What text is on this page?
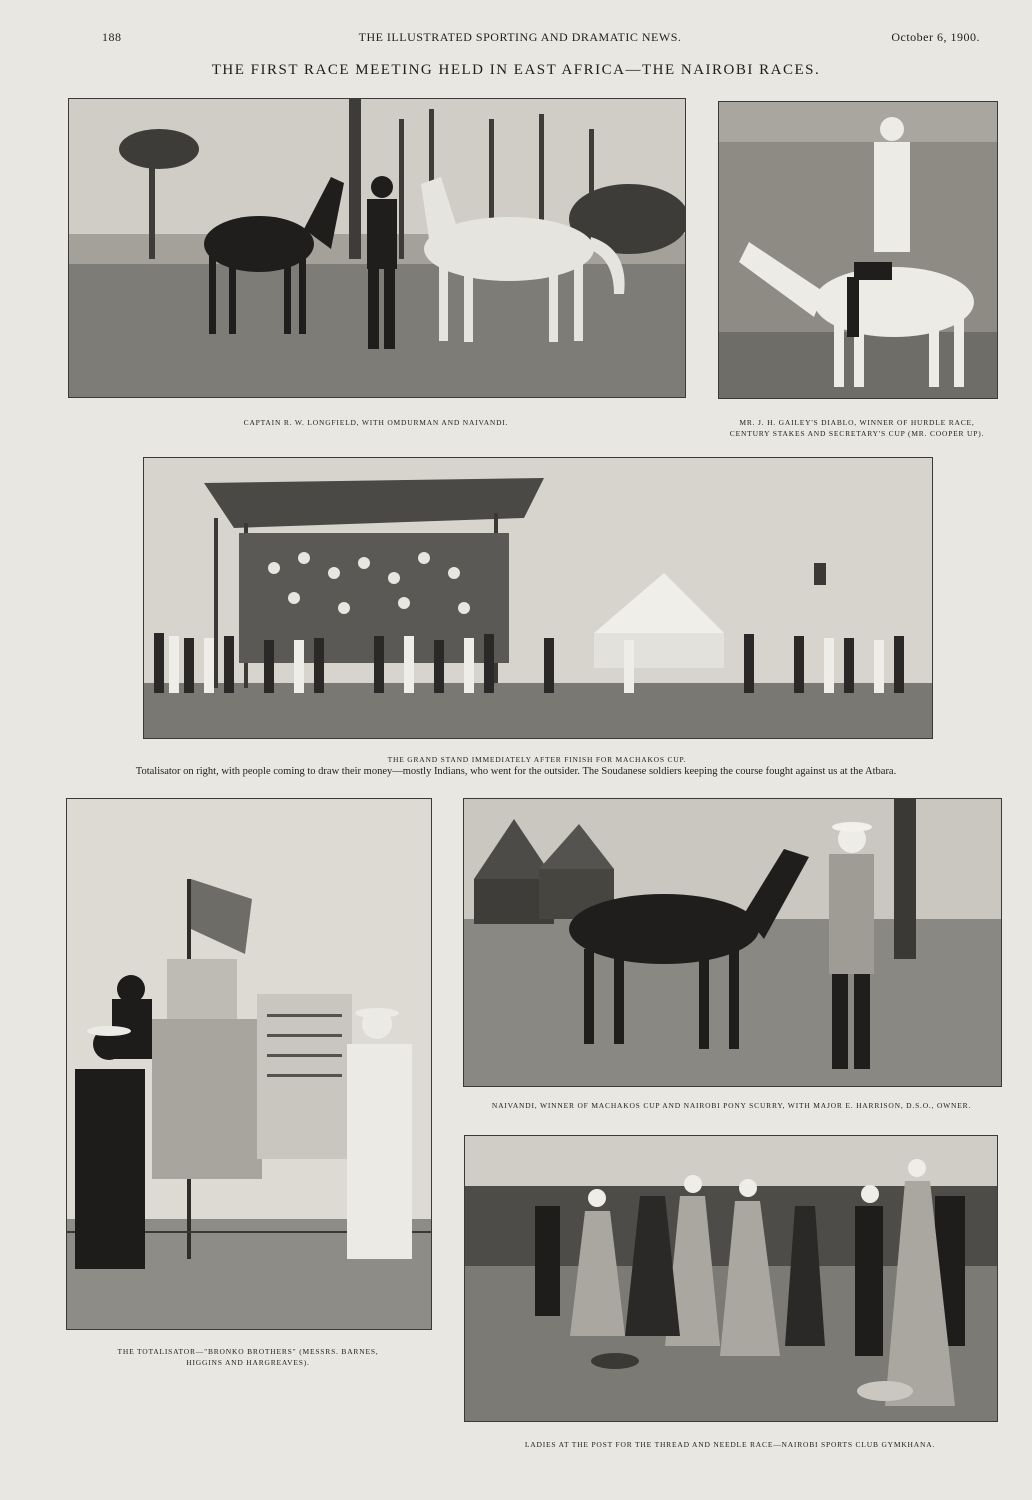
188	THE ILLUSTRATED SPORTING AND DRAMATIC NEWS.	October 6, 1900.
THE FIRST RACE MEETING HELD IN EAST AFRICA—THE NAIROBI RACES.
CAPTAIN R. W. LONGFIELD, WITH OMDURMAN AND NAIVANDI.	MR. J. H. GAILEY'S DIABLO, WINNER OF HURDLE RACE,
CENTURY STAKES AND SECRETARY'S CUP (MR. COOPER UP).
THE GRAND STAND IMMEDIATELY AFTER FINISH FOR MACHAKOS CUP.
Totalisator on right, with people coming to draw their money—mostly Indians, who went for the outsider. The Soudanese soldiers keeping the course fought against us at the Atbara.
THE TOTALISATOR—"BRONKO BROTHERS" (MESSRS. BARNES,
HIGGINS AND HARGREAVES).
NAIVANDI, WINNER OF MACHAKOS CUP AND NAIROBI PONY SCURRY, WITH MAJOR E. HARRISON, D.S.O., OWNER.
LADIES AT THE POST FOR THE THREAD AND NEEDLE RACE—NAIROBI SPORTS CLUB GYMKHANA.
